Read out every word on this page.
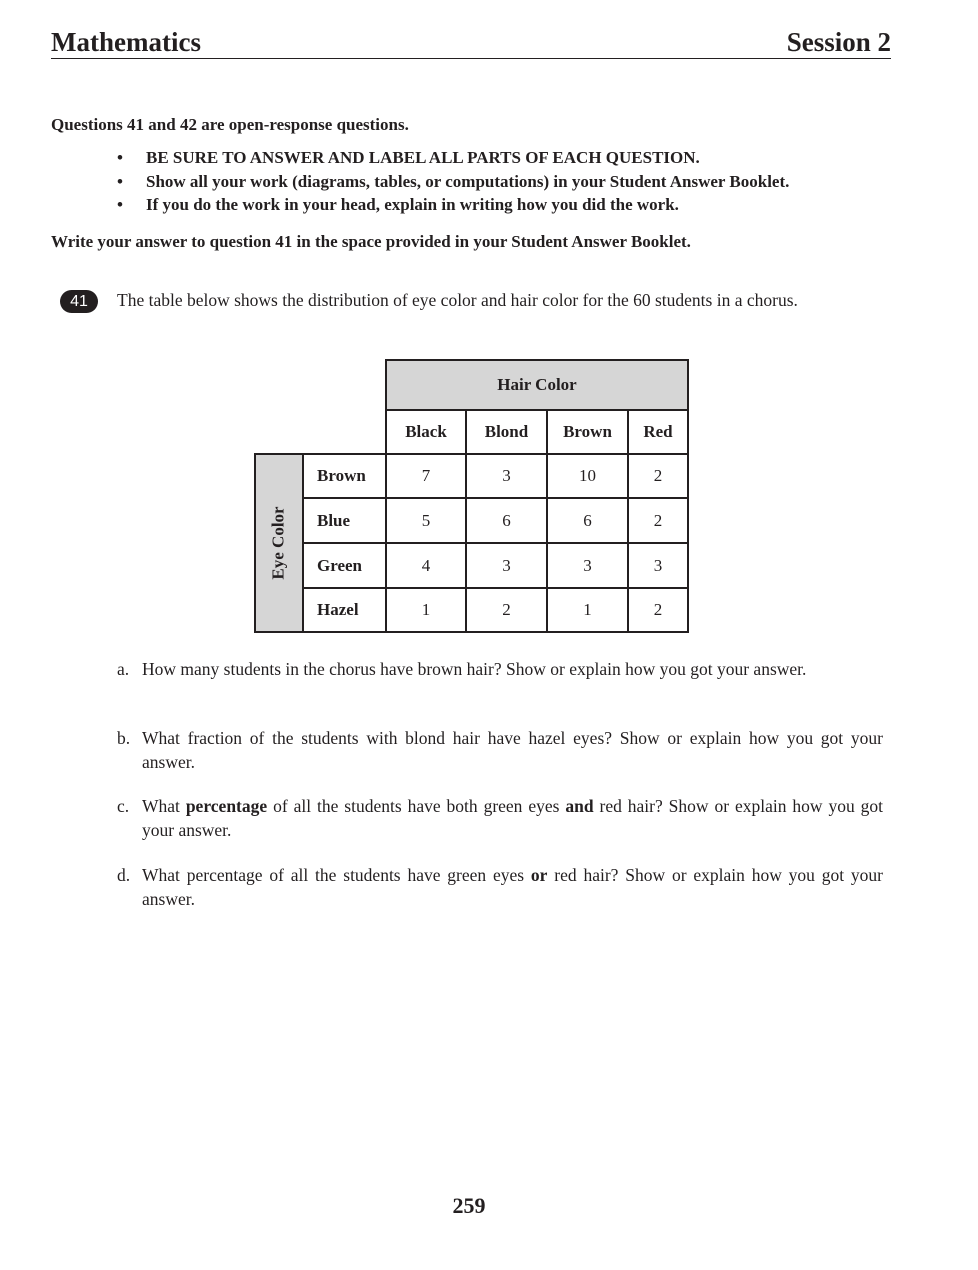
Mathematics	Session 2
Questions 41 and 42 are open-response questions.
• BE SURE TO ANSWER AND LABEL ALL PARTS OF EACH QUESTION.
• Show all your work (diagrams, tables, or computations) in your Student Answer Booklet.
• If you do the work in your head, explain in writing how you did the work.
Write your answer to question 41 in the space provided in your Student Answer Booklet.
41	The table below shows the distribution of eye color and hair color for the 60 students in a chorus.
Hair Color
Black	Blond	Brown	Red
Eye Color
Brown	7	3	10	2
Blue	5	6	6	2
Green	4	3	3	3
Hazel	1	2	1	2
a. How many students in the chorus have brown hair? Show or explain how you got your answer.
b. What fraction of the students with blond hair have hazel eyes? Show or explain how you got your answer.
c. What percentage of all the students have both green eyes and red hair? Show or explain how you got your answer.
d. What percentage of all the students have green eyes or red hair? Show or explain how you got your answer.
259
